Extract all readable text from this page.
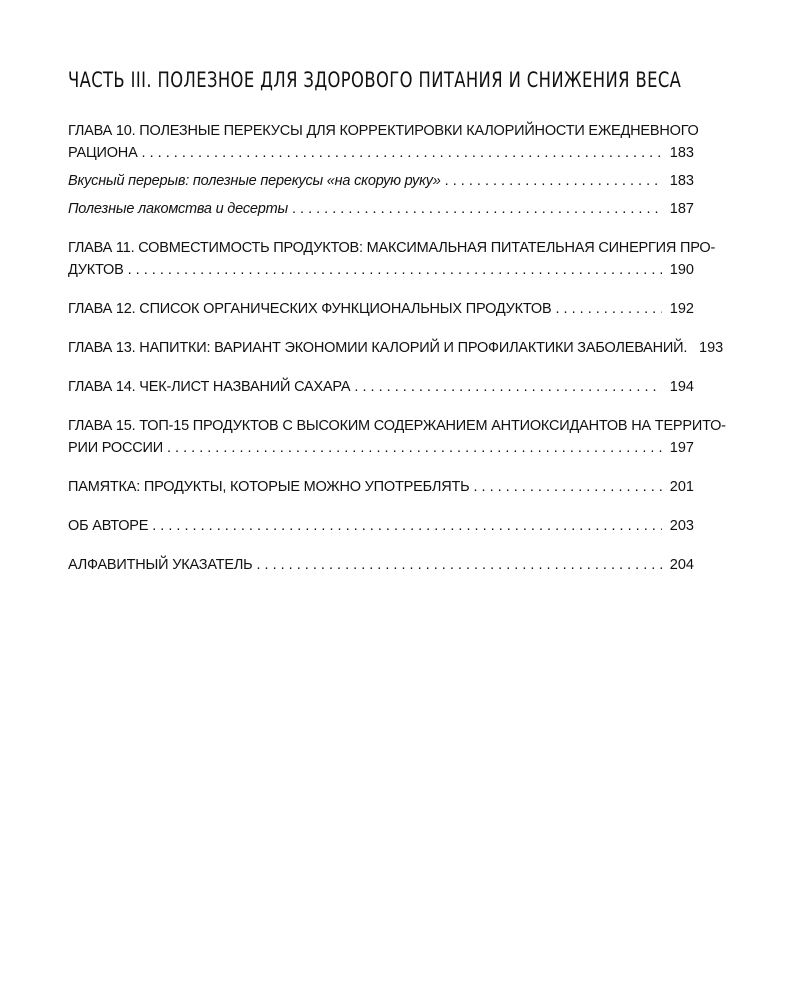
ЧАСТЬ III. ПОЛЕЗНОЕ ДЛЯ ЗДОРОВОГО ПИТАНИЯ И СНИЖЕНИЯ ВЕСА
ГЛАВА 10. ПОЛЕЗНЫЕ ПЕРЕКУСЫ ДЛЯ КОРРЕКТИРОВКИ КАЛОРИЙНОСТИ ЕЖЕДНЕВНОГО
РАЦИОНА . . .	183
Вкусный перерыв: полезные перекусы «на скорую руку» . . .	183
Полезные лакомства и десерты . . .	187
ГЛАВА 11. СОВМЕСТИМОСТЬ ПРОДУКТОВ: МАКСИМАЛЬНАЯ ПИТАТЕЛЬНАЯ СИНЕРГИЯ ПРО-
ДУКТОВ . . .	190
ГЛАВА 12. СПИСОК ОРГАНИЧЕСКИХ ФУНКЦИОНАЛЬНЫХ ПРОДУКТОВ . . .	192
ГЛАВА 13. НАПИТКИ: ВАРИАНТ ЭКОНОМИИ КАЛОРИЙ И ПРОФИЛАКТИКИ ЗАБОЛЕВАНИЙ. 193
ГЛАВА 14. ЧЕК-ЛИСТ НАЗВАНИЙ САХАРА . . .	194
ГЛАВА 15. ТОП-15 ПРОДУКТОВ С ВЫСОКИМ СОДЕРЖАНИЕМ АНТИОКСИДАНТОВ НА ТЕРРИТО-
РИИ РОССИИ . . .	197
ПАМЯТКА: ПРОДУКТЫ, КОТОРЫЕ МОЖНО УПОТРЕБЛЯТЬ . . .	201
ОБ АВТОРЕ . . .	203
АЛФАВИТНЫЙ УКАЗАТЕЛЬ . . .	204
